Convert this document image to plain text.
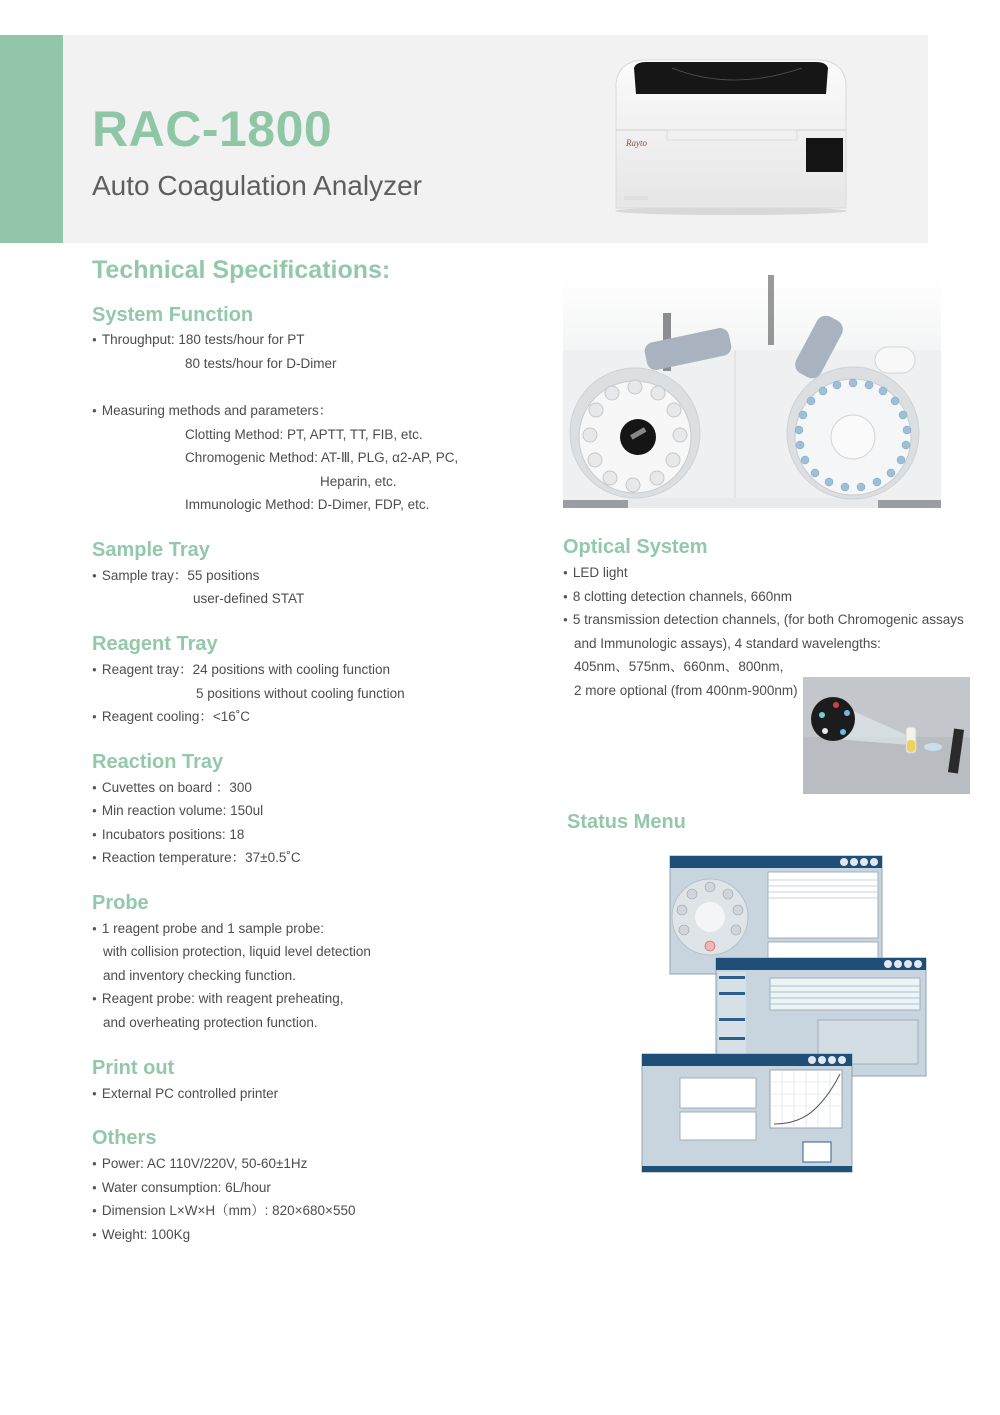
RAC-1800
Auto Coagulation Analyzer
Rayto
Technical Specifications:
System Function
● Throughput: 180 tests/hour for PT
80 tests/hour for D-Dimer
● Measuring methods and parameters：
Clotting Method: PT, APTT, TT, FIB, etc.
Chromogenic Method: AT-Ⅲ, PLG, α2-AP, PC,
Heparin, etc.
Immunologic Method: D-Dimer, FDP, etc.
Sample Tray
● Sample tray：55 positions
user-defined STAT
Reagent Tray
● Reagent tray：24 positions with cooling function
5 positions without cooling function
● Reagent cooling：<16˚C
Reaction Tray
● Cuvettes on board ：300
● Min reaction volume: 150ul
● Incubators positions: 18
● Reaction temperature：37±0.5˚C
Probe
● 1 reagent probe and 1 sample probe:
with collision protection, liquid level detection
and inventory checking function.
● Reagent probe: with reagent preheating,
and overheating protection function.
Print out
● External PC controlled printer
Others
● Power: AC 110V/220V, 50-60±1Hz
● Water consumption: 6L/hour
● Dimension L×W×H（mm）: 820×680×550
● Weight: 100Kg
Optical System
● LED light
● 8 clotting detection channels, 660nm
● 5 transmission detection channels, (for both Chromogenic assays
and Immunologic assays), 4 standard wavelengths:
405nm、575nm、660nm、800nm,
2 more optional (from 400nm-900nm)
Status Menu
